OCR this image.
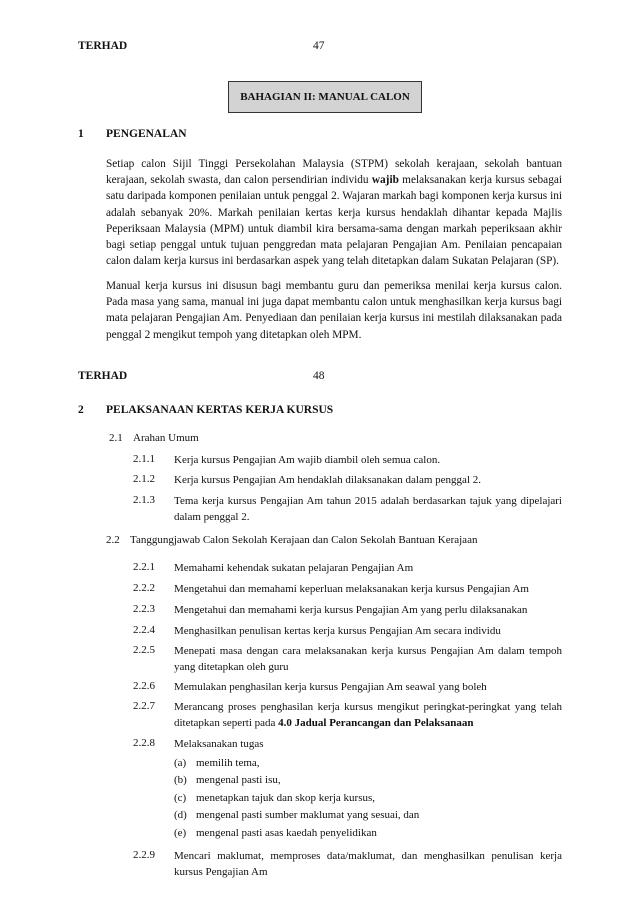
TERHAD	47
BAHAGIAN II: MANUAL CALON
1 PENGENALAN
Setiap calon Sijil Tinggi Persekolahan Malaysia (STPM) sekolah kerajaan, sekolah bantuan kerajaan, sekolah swasta, dan calon persendirian individu wajib melaksanakan kerja kursus sebagai satu daripada komponen penilaian untuk penggal 2. Wajaran markah bagi komponen kerja kursus ini adalah sebanyak 20%. Markah penilaian kertas kerja kursus hendaklah dihantar kepada Majlis Peperiksaan Malaysia (MPM) untuk diambil kira bersama-sama dengan markah peperiksaan akhir bagi setiap penggal untuk tujuan penggredan mata pelajaran Pengajian Am. Penilaian pencapaian calon dalam kerja kursus ini berdasarkan aspek yang telah ditetapkan dalam Sukatan Pelajaran (SP).
Manual kerja kursus ini disusun bagi membantu guru dan pemeriksa menilai kerja kursus calon. Pada masa yang sama, manual ini juga dapat membantu calon untuk menghasilkan kerja kursus bagi mata pelajaran Pengajian Am. Penyediaan dan penilaian kerja kursus ini mestilah dilaksanakan pada penggal 2 mengikut tempoh yang ditetapkan oleh MPM.
TERHAD	48
2 PELAKSANAAN KERTAS KERJA KURSUS
2.1 Arahan Umum
2.1.1 Kerja kursus Pengajian Am wajib diambil oleh semua calon.
2.1.2 Kerja kursus Pengajian Am hendaklah dilaksanakan dalam penggal 2.
2.1.3 Tema kerja kursus Pengajian Am tahun 2015 adalah berdasarkan tajuk yang dipelajari dalam penggal 2.
2.2 Tanggungjawab Calon Sekolah Kerajaan dan Calon Sekolah Bantuan Kerajaan
2.2.1 Memahami kehendak sukatan pelajaran Pengajian Am
2.2.2 Mengetahui dan memahami keperluan melaksanakan kerja kursus Pengajian Am
2.2.3 Mengetahui dan memahami kerja kursus Pengajian Am yang perlu dilaksanakan
2.2.4 Menghasilkan penulisan kertas kerja kursus Pengajian Am secara individu
2.2.5 Menepati masa dengan cara melaksanakan kerja kursus Pengajian Am dalam tempoh yang ditetapkan oleh guru
2.2.6 Memulakan penghasilan kerja kursus Pengajian Am seawal yang boleh
2.2.7 Merancang proses penghasilan kerja kursus mengikut peringkat-peringkat yang telah ditetapkan seperti pada 4.0 Jadual Perancangan dan Pelaksanaan
2.2.8 Melaksanakan tugas
(a) memilih tema,
(b) mengenal pasti isu,
(c) menetapkan tajuk dan skop kerja kursus,
(d) mengenal pasti sumber maklumat yang sesuai, dan
(e) mengenal pasti asas kaedah penyelidikan
2.2.9 Mencari maklumat, memproses data/maklumat, dan menghasilkan penulisan kerja kursus Pengajian Am
